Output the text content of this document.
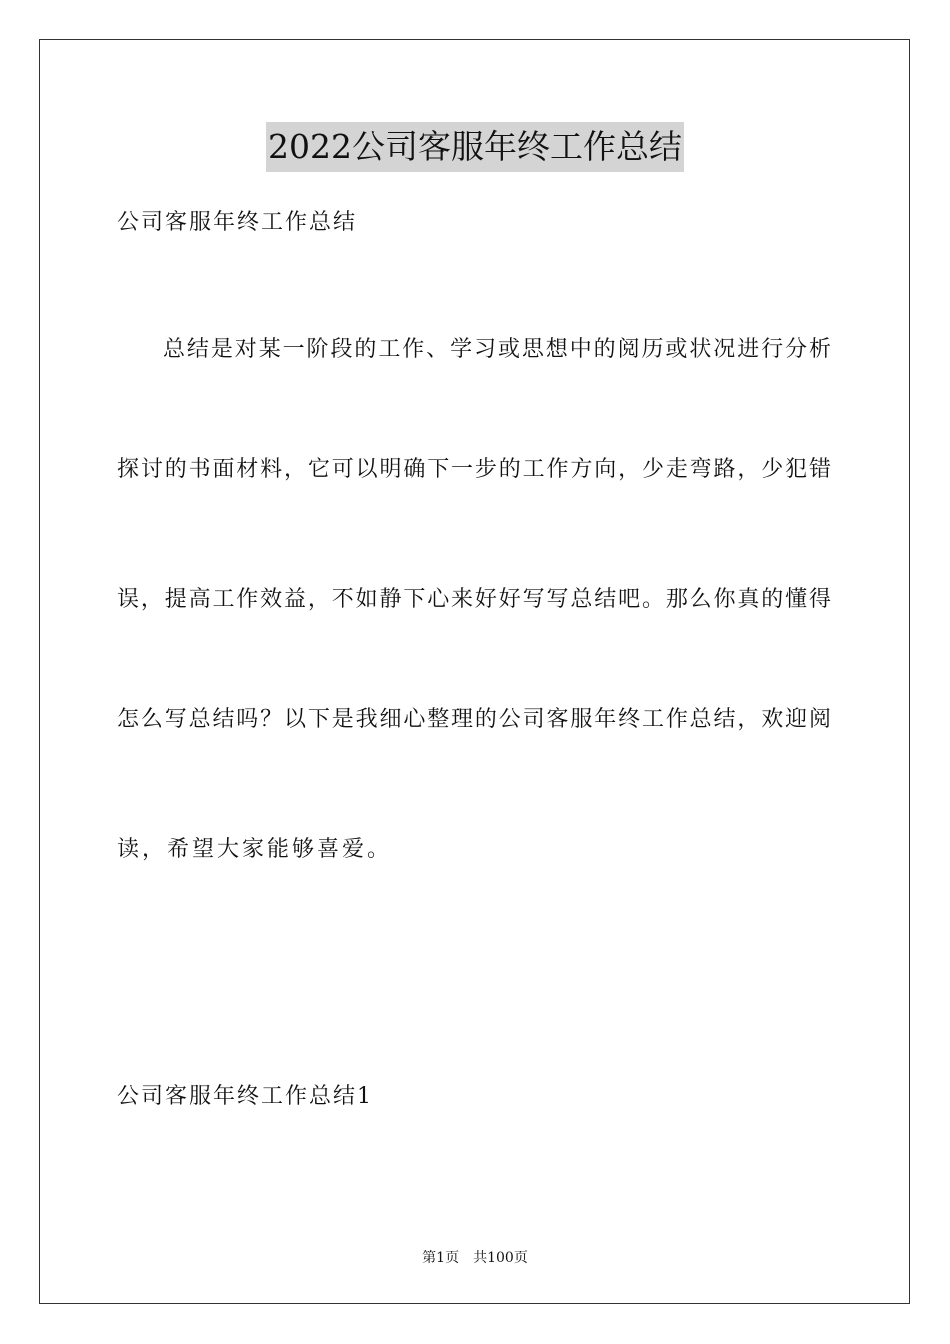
2022公司客服年终工作总结
公司客服年终工作总结
总结是对某一阶段的工作、学习或思想中的阅历或状况进行分析
探讨的书面材料，它可以明确下一步的工作方向，少走弯路，少犯错
误，提高工作效益，不如静下心来好好写写总结吧。那么你真的懂得
怎么写总结吗？以下是我细心整理的公司客服年终工作总结，欢迎阅
读，希望大家能够喜爱。
公司客服年终工作总结1
第1页 共100页
